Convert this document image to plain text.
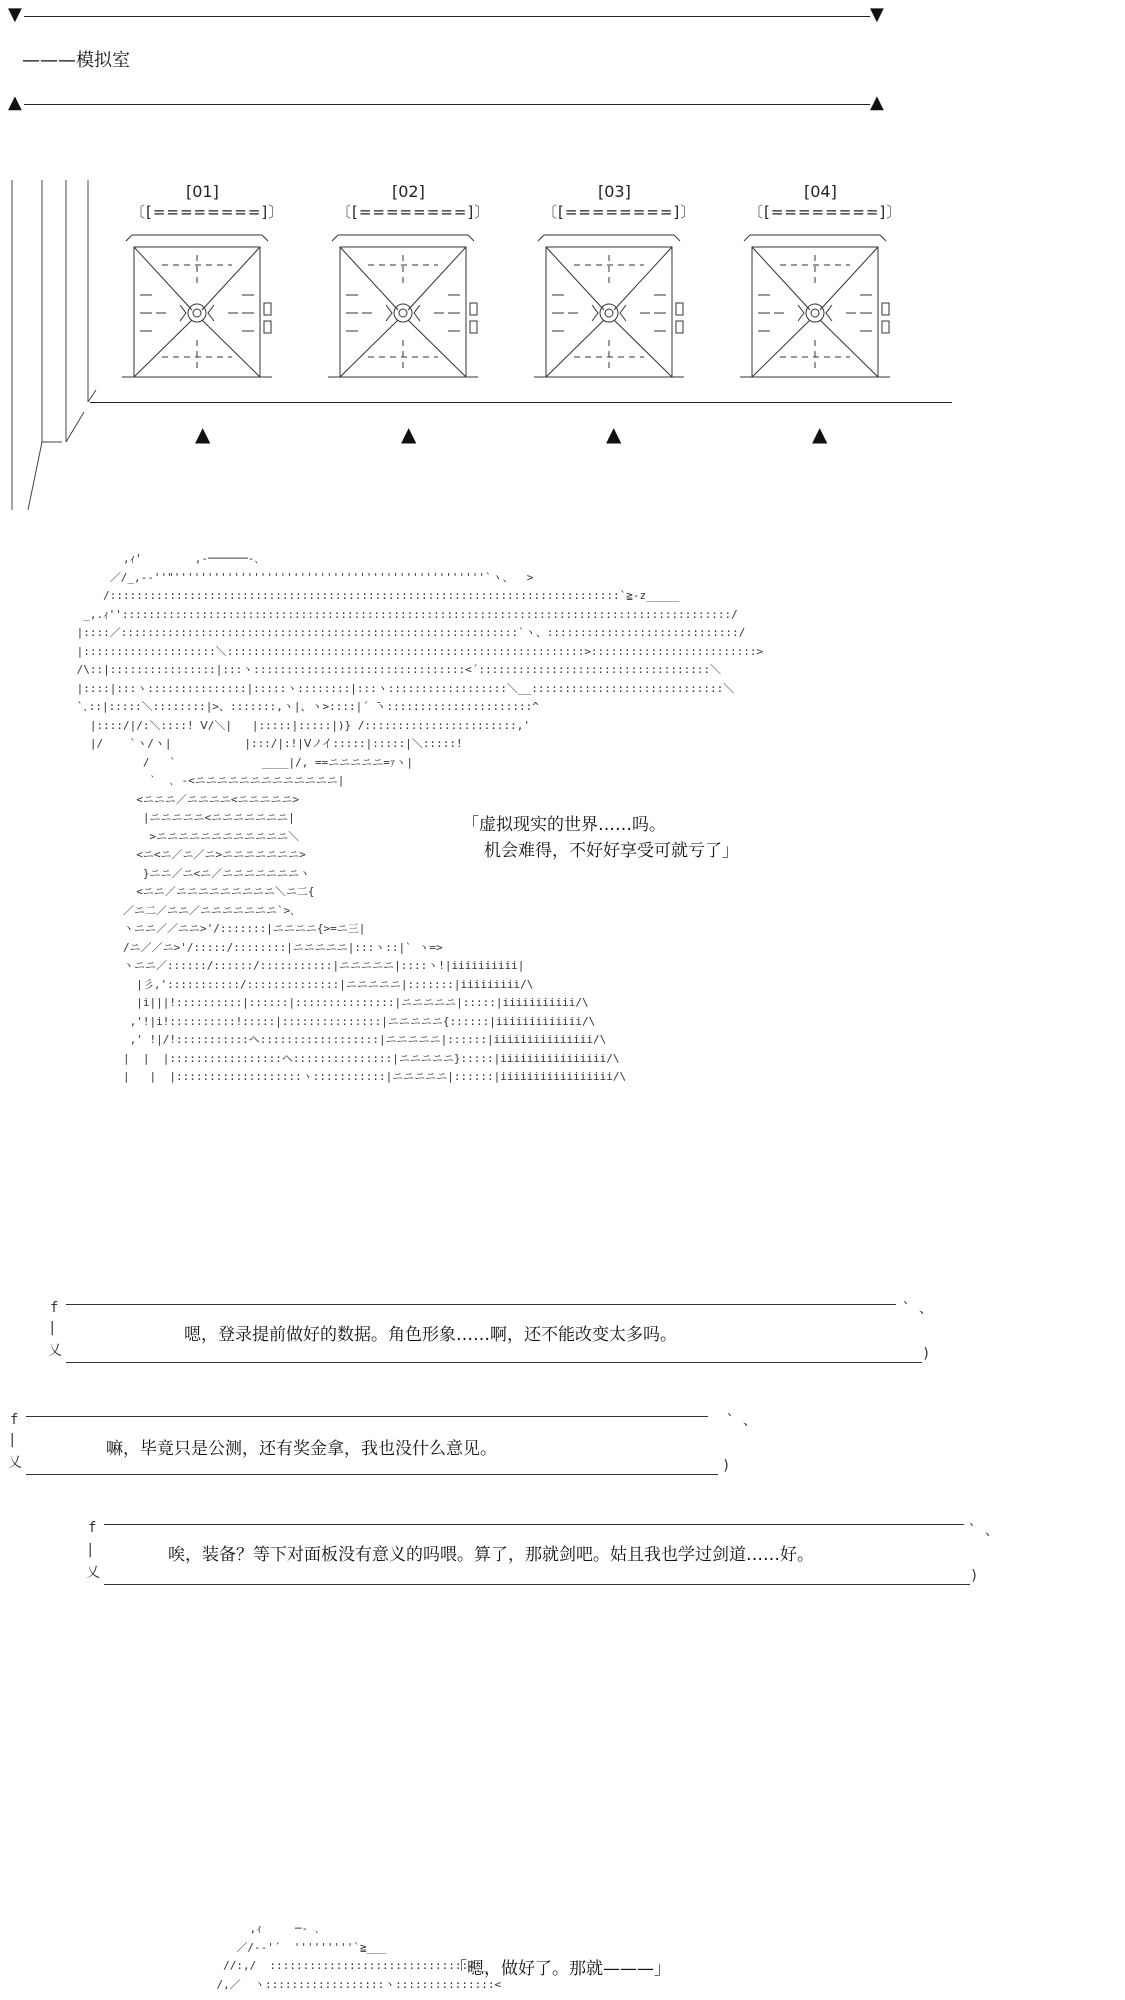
▼	▼
———模拟室
▲	▲
[01]
〔[========]〕
▲
[02]
〔[========]〕
▲
[03]
〔[========]〕
▲
[04]
〔[========]〕
▲
,ｨ'        ,-──────-､
／/_,-‐''"'''''''''''''''''''''''''''''''''''''''''''''''`ヽ、  >
/:::::::::::::::::::::::::::::::::::::::::::::::::::::::::::::::::::::::::::::`≧‐z_____
_,.ｨ''::::::::::::::::::::::::::::::::::::::::::::::::::::::::::::::::::::::::::::::::::::::::::::/
|::::／::::::::::::::::::::::::::::::::::::::::::::::::::::::::::::`ヽ、:::::::::::::::::::::::::::::/
|::::::::::::::::::::＼::::::::::::::::::::::::::::::::::::::::::::::::::::::>:::::::::::::::::::::::::>
/\::|::::::::::::::::|:::ヽ::::::::::::::::::::::::::::::::<´:::::::::::::::::::::::::::::::::::＼
|::::|:::ヽ:::::::::::::::|:::::ヽ::::::::|:::ヽ::::::::::::::::::＼__:::::::::::::::::::::::::::::＼
`､::|:::::＼::::::::|>、:::::::,ヽ|、ヽ>::::|´ ̄ヽ::::::::::::::::::::::^
|::::/|/:＼::::! Ⅴ/＼|   |:::::|:::::|)} /:::::::::::::::::::::::,'
|/    `ヽ/ヽ|           |:::/|:!|Ⅴノイ:::::|:::::|＼:::::!
/   `             ____|/, ==ニニニニニ=ｧヽ|
`  ､ ‐<ニニニニニニニニニニニニニ|
<ニニニ／ニニニニ<ニニニニニ>
|ニニニニニ<ニニニニニニニ|
>ニニニニニニニニニニニニ＼
<ニ<ニ／ニ／ニ>ニニニニニニニ>
}ニニ／ニ<ニ／ニニニニニニニヽ
<ニニ／ニニニニニニニニニ＼ニ二{
／ニ二／ニニ／ニニニニニニニ`>､
ヽニニ／／ニニ>'/:::::::|ニニニニ{>=ニ三|
/ニ／／ニ>'/:::::/::::::::|ニニニニニ|:::ヽ::|` ヽ=>
ヽニニ／::::::/::::::/:::::::::::|ニニニニニ|::::ヽ!|iiiiiiiiii|
|彡,':::::::::::/::::::::::::::|ニニニニニ|:::::::|iiiiiiiii/\
|i|||!::::::::::|::::::|:::::::::::::::|ニニニニニ|:::::|iiiiiiiiiii/\
,'!|i!::::::::::!:::::|:::::::::::::::|ニニニニニ{::::::|iiiiiiiiiiiii/\
,' !|/!:::::::::::ヘ::::::::::::::::::|ニニニニニ|::::::|iiiiiiiiiiiiiii/\
|  |  |:::::::::::::::::ヘ:::::::::::::::|ニニニニニ}:::::|iiiiiiiiiiiiiiii/\
|   |  |:::::::::::::::::::ヽ:::::::::::|ニニニニニ|::::::|iiiiiiiiiiiiiiiii/\
「虚拟现实的世界……吗。
机会难得，不好好享受可就亏了」
f
|
乂
` 、
)
嗯，登录提前做好的数据。角色形象……啊，还不能改变太多吗。
f
|
乂
` 、
)
嘛，毕竟只是公测，还有奖金拿，我也没什么意见。
f
|
乂
` 、
)
唉，装备？等下对面板没有意义的吗喂。算了，那就剑吧。姑且我也学过剑道……好。
,ｨ     ─- ､
／/‐-'´  '''''''''`≧___
//:,/  ::::::::::::::::::::::::::::::∠__
/,／  ヽ::::::::::::::::::ヽ:::::::::::::::<
「嗯，做好了。那就———」
